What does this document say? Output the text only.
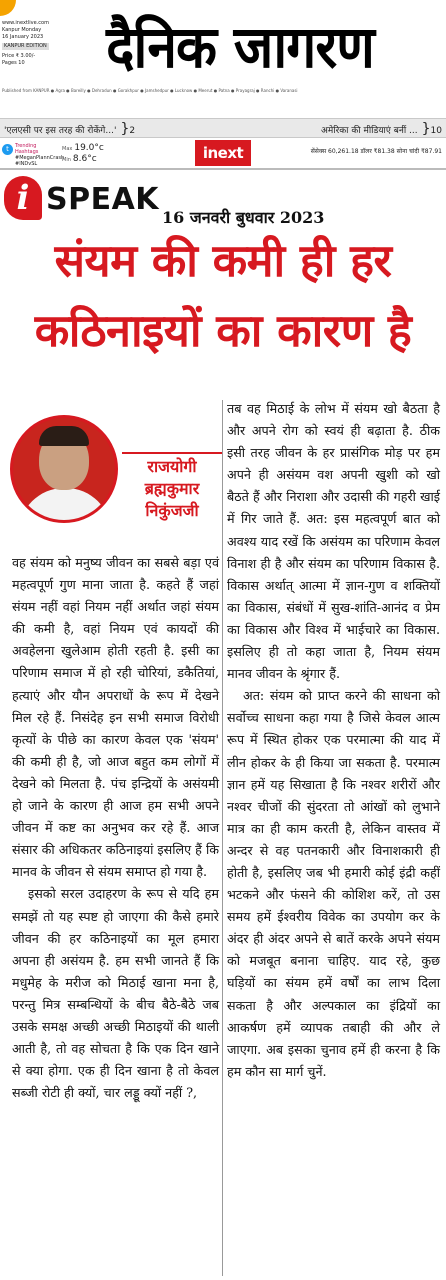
www.inextlive.com
Kanpur Monday
16 January 2023
KANPUR EDITION
Price ₹ 3.00/-
Pages 10	दैनिक जागरण
Published from KANPUR ● Agra ● Bareilly ● Dehradun ● Gorakhpur ● Jamshedpur ● Lucknow ● Meerut ● Patna ● Prayagraj ● Ranchi ● Varanasi
'एलएसी पर इस तरह की रोकेंगे...' }2	अमेरिका की मीडियाएं बनीं ... }10
t	Trending Hashtags
#MeganPlannCrash #INDvSL
Max 19.0°c
Min 8.6°c	inext	सेंसेक्स 60,261.18 डॉलर ₹81.38 सोना चांदी ₹87.91
i SPEAK
16 जनवरी बुधवार 2023
संयम की कमी ही हर
कठिनाइयों का कारण है
राजयोगी
ब्रह्मकुमार
निकुंजजी

वह संयम को मनुष्य जीवन का सबसे बड़ा एवं महत्वपूर्ण गुण माना जाता है. कहते हैं जहां संयम नहीं वहां नियम नहीं अर्थात जहां संयम की कमी है, वहां नियम एवं कायदों की अवहेलना खुलेआम होती रहती है. इसी का परिणाम समाज में हो रही चोरियां, डकैतियां, हत्याएं और यौन अपराधों के रूप में देखने मिल रहे हैं. निसंदेह इन सभी समाज विरोधी कृत्यों के पीछे का कारण केवल एक 'संयम' की कमी ही है, जो आज बहुत कम लोगों में देखने को मिलता है. पंच इन्द्रियों के असंयमी हो जाने के कारण ही आज हम सभी अपने जीवन में कष्ट का अनुभव कर रहे हैं. आज संसार की अधिकतर कठिनाइयां इसलिए हैं कि मानव के जीवन से संयम समाप्त हो गया है.

इसको सरल उदाहरण के रूप से यदि हम समझें तो यह स्पष्ट हो जाएगा की कैसे हमारे जीवन की हर कठिनाइयों का मूल हमारा अपना ही असंयम है. हम सभी जानते हैं कि मधुमेह के मरीज को मिठाई खाना मना है, परन्तु मित्र सम्बन्धियों के बीच बैठे-बैठे जब उसके समक्ष अच्छी अच्छी मिठाइयों की थाली आती है, तो वह सोचता है कि एक दिन खाने से क्या होगा. एक ही दिन खाना है तो केवल सब्जी रोटी ही क्यों, चार लड्डू क्यों नहीं ?,

तब वह मिठाई के लोभ में संयम खो बैठता है और अपने रोग को स्वयं ही बढ़ाता है. ठीक इसी तरह जीवन के हर प्रासंगिक मोड़ पर हम अपने ही असंयम वश अपनी खुशी को खो बैठते हैं और निराशा और उदासी की गहरी खाई में गिर जाते हैं. अत: इस महत्वपूर्ण बात को अवश्य याद रखें कि असंयम का परिणाम केवल विनाश ही है और संयम का परिणाम विकास है. विकास अर्थात् आत्मा में ज्ञान-गुण व शक्तियों का विकास, संबंधों में सुख-शांति-आनंद व प्रेम का विकास और विश्व में भाईचारे का विकास. इसलिए ही तो कहा जाता है, नियम संयम मानव जीवन के श्रृंगार हैं.

अत: संयम को प्राप्त करने की साधना को सर्वोच्च साधना कहा गया है जिसे केवल आत्म रूप में स्थित होकर एक परमात्मा की याद में लीन होकर के ही किया जा सकता है. परमात्म ज्ञान हमें यह सिखाता है कि नश्वर शरीरों और नश्वर चीजों की सुंदरता तो आंखों को लुभाने मात्र का ही काम करती है, लेकिन वास्तव में अन्दर से वह पतनकारी और विनाशकारी ही होती है, इसलिए जब भी हमारी कोई इंद्री कहीं भटकने और फंसने की कोशिश करें, तो उस समय हमें ईश्वरीय विवेक का उपयोग कर के अंदर ही अंदर अपने से बातें करके अपने संयम को मजबूत बनाना चाहिए. याद रहे, कुछ घड़ियों का संयम हमें वर्षों का लाभ दिला सकता है और अल्पकाल का इंद्रियों का आकर्षण हमें व्यापक तबाही की और ले जाएगा. अब इसका चुनाव हमें ही करना है कि हम कौन सा मार्ग चुनें.
